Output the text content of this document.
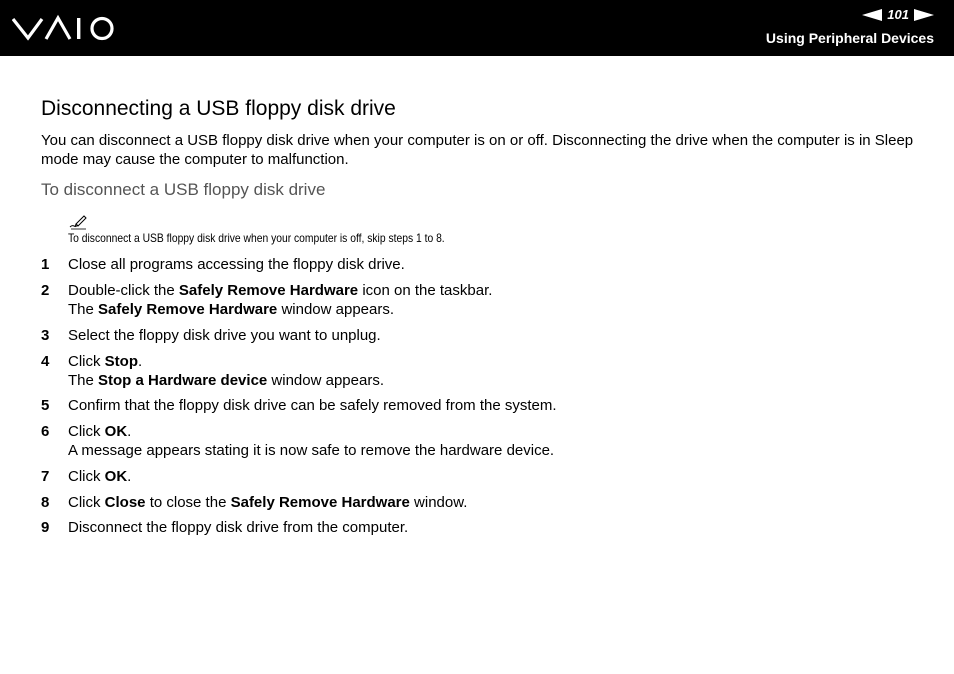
101
Using Peripheral Devices
Disconnecting a USB floppy disk drive

You can disconnect a USB floppy disk drive when your computer is on or off. Disconnecting the drive when the computer is in Sleep mode may cause the computer to malfunction.

To disconnect a USB floppy disk drive

To disconnect a USB floppy disk drive when your computer is off, skip steps 1 to 8.

1 Close all programs accessing the floppy disk drive.
2 Double-click the Safely Remove Hardware icon on the taskbar.
The Safely Remove Hardware window appears.
3 Select the floppy disk drive you want to unplug.
4 Click Stop.
The Stop a Hardware device window appears.
5 Confirm that the floppy disk drive can be safely removed from the system.
6 Click OK.
A message appears stating it is now safe to remove the hardware device.
7 Click OK.
8 Click Close to close the Safely Remove Hardware window.
9 Disconnect the floppy disk drive from the computer.
